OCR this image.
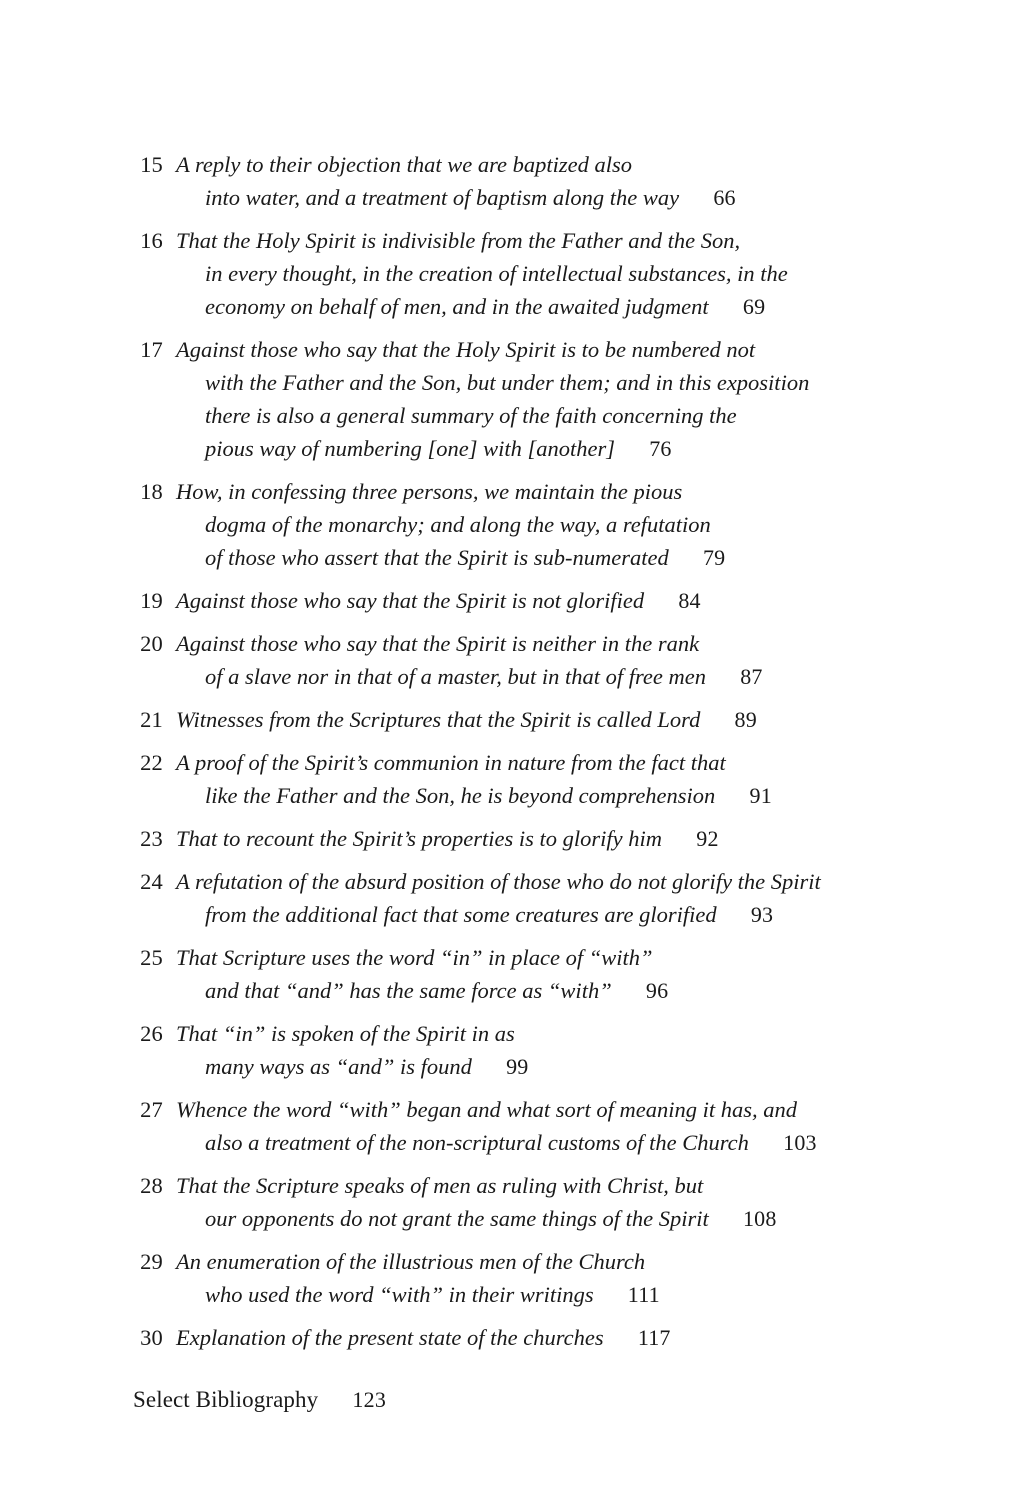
15 A reply to their objection that we are baptized also
into water, and a treatment of baptism along the way      66
16 That the Holy Spirit is indivisible from the Father and the Son,
in every thought, in the creation of intellectual substances, in the
economy on behalf of men, and in the awaited judgment      69
17 Against those who say that the Holy Spirit is to be numbered not
with the Father and the Son, but under them; and in this exposition
there is also a general summary of the faith concerning the
pious way of numbering [one] with [another]      76
18 How, in confessing three persons, we maintain the pious
dogma of the monarchy; and along the way, a refutation
of those who assert that the Spirit is sub-numerated      79
19 Against those who say that the Spirit is not glorified      84
20 Against those who say that the Spirit is neither in the rank
of a slave nor in that of a master, but in that of free men      87
21 Witnesses from the Scriptures that the Spirit is called Lord      89
22 A proof of the Spirit’s communion in nature from the fact that
like the Father and the Son, he is beyond comprehension      91
23 That to recount the Spirit’s properties is to glorify him      92
24 A refutation of the absurd position of those who do not glorify the Spirit
from the additional fact that some creatures are glorified      93
25 That Scripture uses the word “in” in place of “with”
and that “and” has the same force as “with”      96
26 That “in” is spoken of the Spirit in as
many ways as “and” is found      99
27 Whence the word “with” began and what sort of meaning it has, and
also a treatment of the non-scriptural customs of the Church      103
28 That the Scripture speaks of men as ruling with Christ, but
our opponents do not grant the same things of the Spirit      108
29 An enumeration of the illustrious men of the Church
who used the word “with” in their writings      111
30 Explanation of the present state of the churches      117
Select Bibliography      123
